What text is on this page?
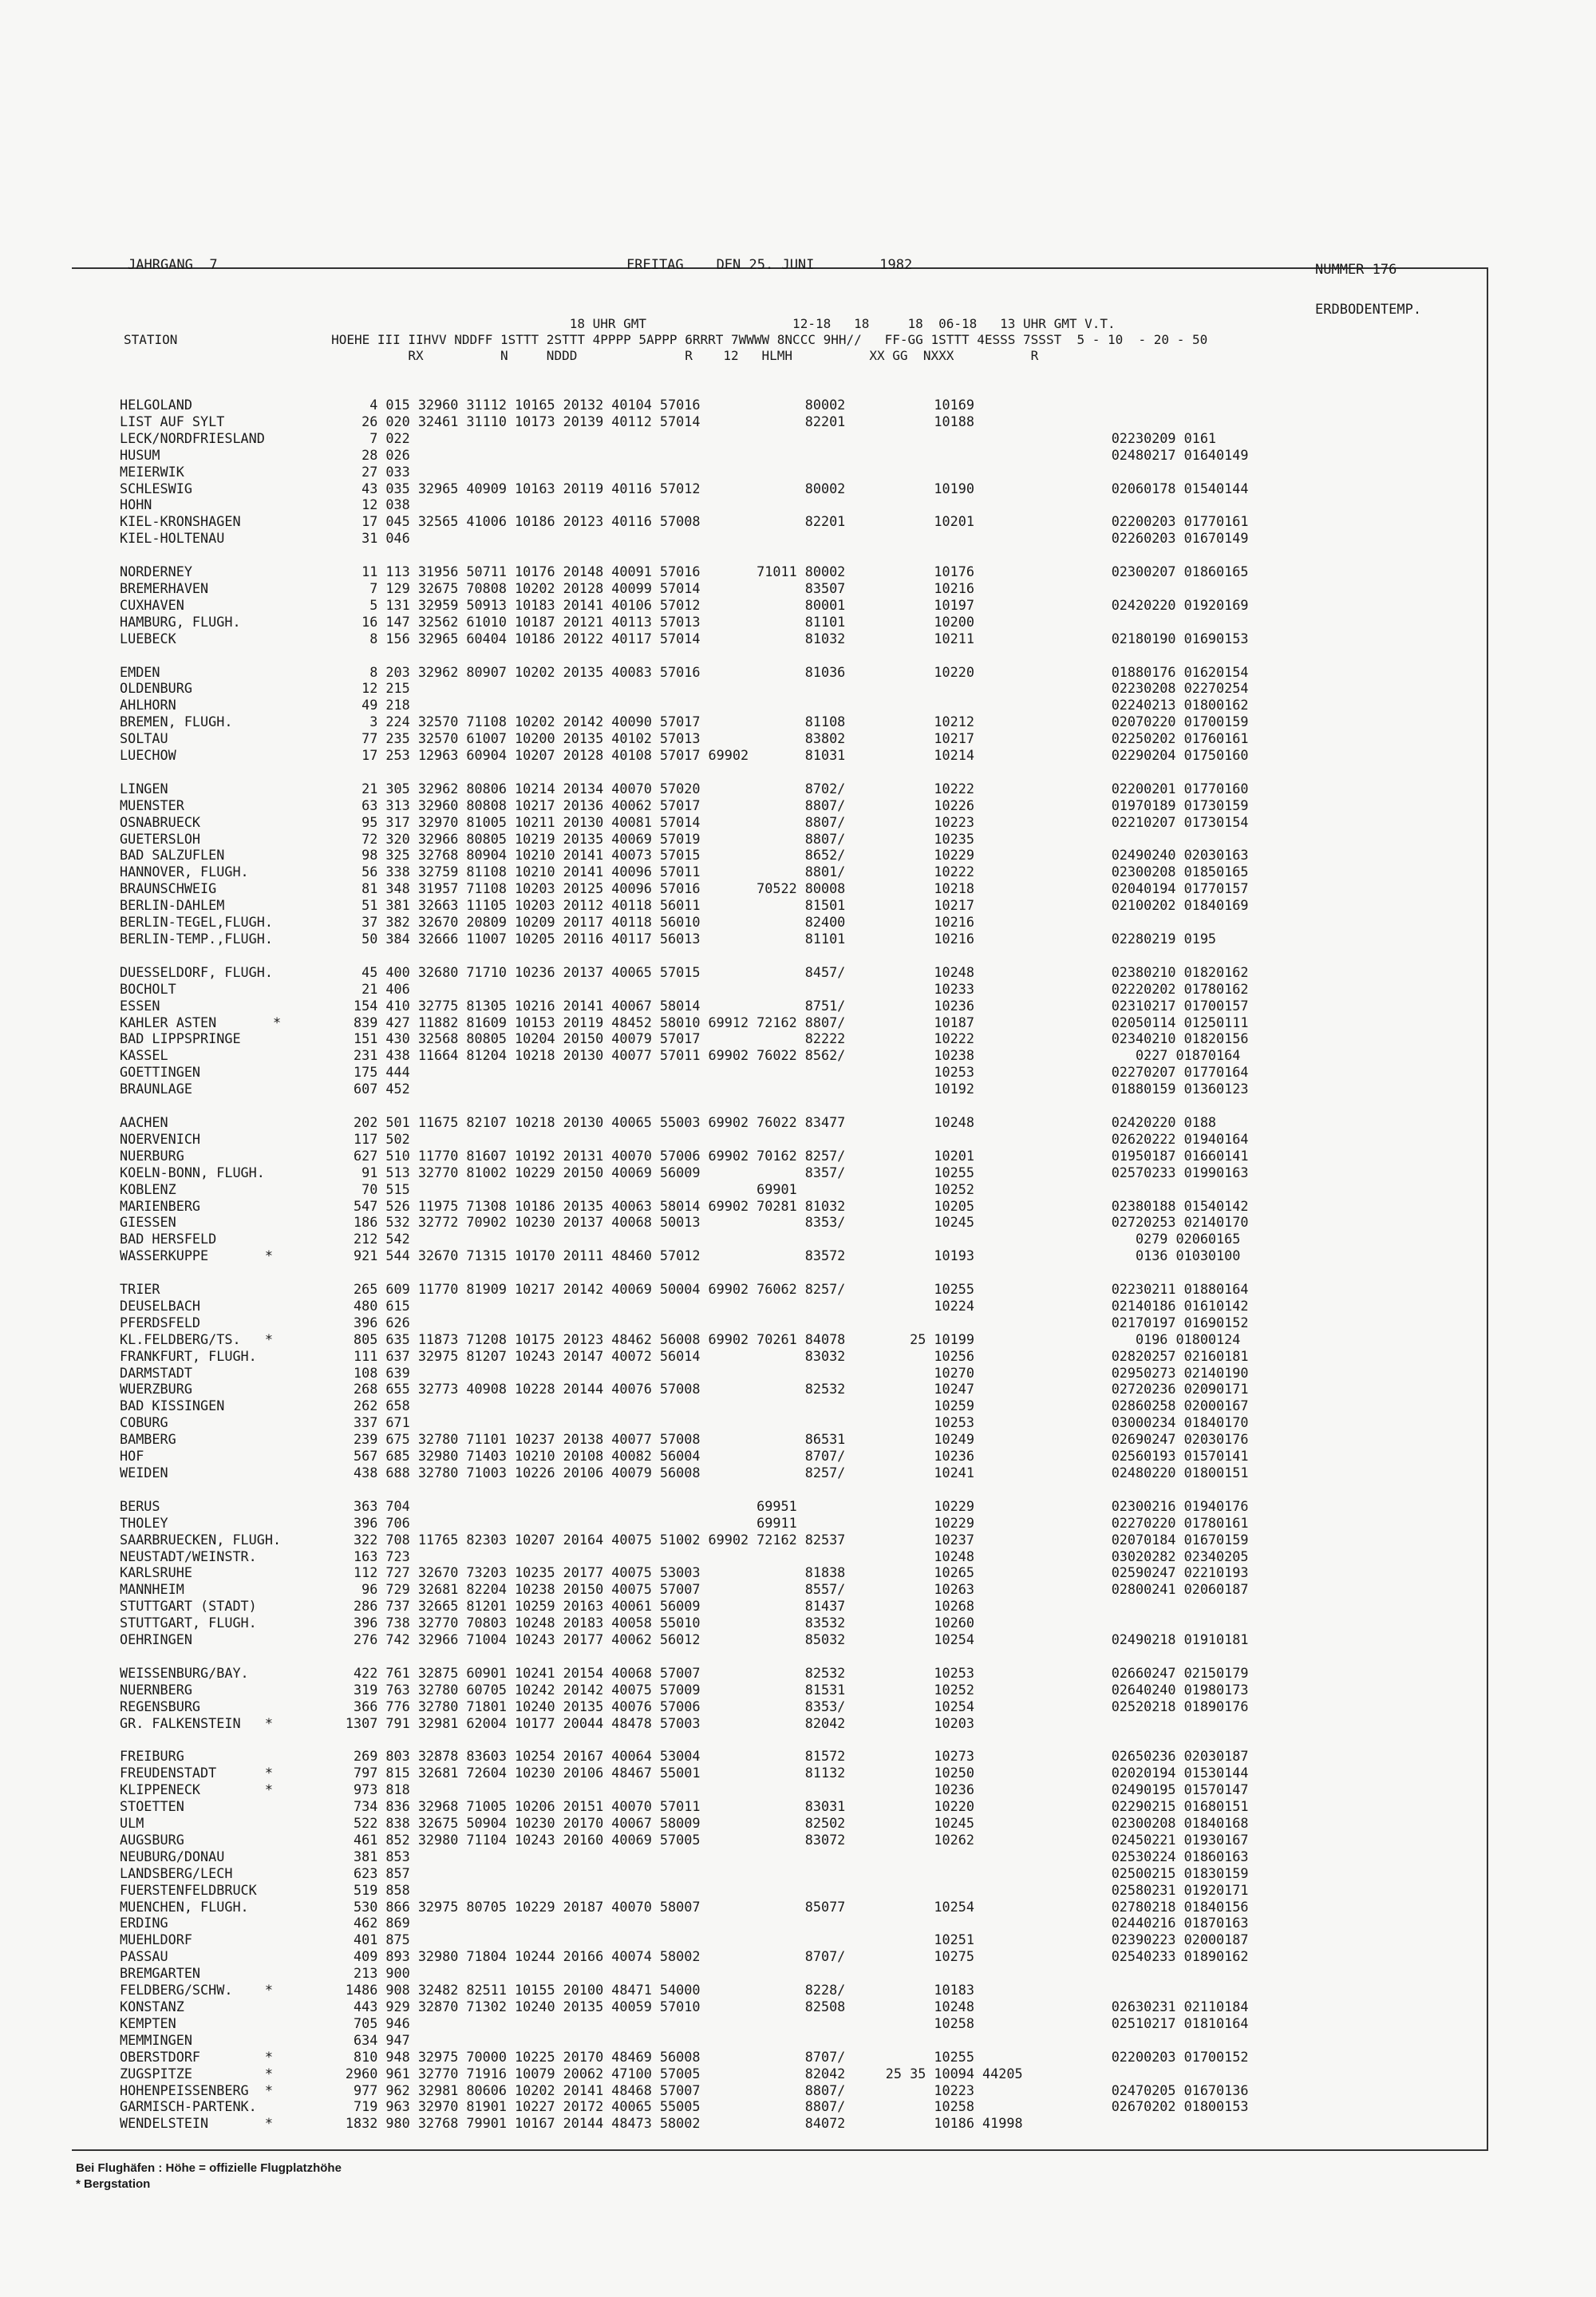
JAHRGANG  7	FREITAG    DEN 25. JUNI        1982	NUMMER 176
ERDBODENTEMP.
18 UHR GMT                   12-18   18     18  06-18   13 UHR GMT V.T.
STATION                    HOEHE III IIHVV NDDFF 1STTT 2STTT 4PPPP 5APPP 6RRRT 7WWWW 8NCCC 9HH//   FF-GG 1STTT 4ESSS 7SSST  5 - 10  - 20 - 50
RX          N     NDDD              R    12   HLMH          XX GG  NXXX          R
HELGOLAND                      4 015 32960 31112 10165 20132 40104 57016             80002           10169
LIST AUF SYLT                 26 020 32461 31110 10173 20139 40112 57014             82201           10188
LECK/NORDFRIESLAND             7 022                                                                                       02230209 0161
HUSUM                         28 026                                                                                       02480217 01640149
MEIERWIK                      27 033
SCHLESWIG                     43 035 32965 40909 10163 20119 40116 57012             80002           10190                 02060178 01540144
HOHN                          12 038
KIEL-KRONSHAGEN               17 045 32565 41006 10186 20123 40116 57008             82201           10201                 02200203 01770161
KIEL-HOLTENAU                 31 046                                                                                       02260203 01670149

NORDERNEY                     11 113 31956 50711 10176 20148 40091 57016       71011 80002           10176                 02300207 01860165
BREMERHAVEN                    7 129 32675 70808 10202 20128 40099 57014             83507           10216
CUXHAVEN                       5 131 32959 50913 10183 20141 40106 57012             80001           10197                 02420220 01920169
HAMBURG, FLUGH.               16 147 32562 61010 10187 20121 40113 57013             81101           10200
LUEBECK                        8 156 32965 60404 10186 20122 40117 57014             81032           10211                 02180190 01690153

EMDEN                          8 203 32962 80907 10202 20135 40083 57016             81036           10220                 01880176 01620154
OLDENBURG                     12 215                                                                                       02230208 02270254
AHLHORN                       49 218                                                                                       02240213 01800162
BREMEN, FLUGH.                 3 224 32570 71108 10202 20142 40090 57017             81108           10212                 02070220 01700159
SOLTAU                        77 235 32570 61007 10200 20135 40102 57013             83802           10217                 02250202 01760161
LUECHOW                       17 253 12963 60904 10207 20128 40108 57017 69902       81031           10214                 02290204 01750160

LINGEN                        21 305 32962 80806 10214 20134 40070 57020             8702/           10222                 02200201 01770160
MUENSTER                      63 313 32960 80808 10217 20136 40062 57017             8807/           10226                 01970189 01730159
OSNABRUECK                    95 317 32970 81005 10211 20130 40081 57014             8807/           10223                 02210207 01730154
GUETERSLOH                    72 320 32966 80805 10219 20135 40069 57019             8807/           10235
BAD SALZUFLEN                 98 325 32768 80904 10210 20141 40073 57015             8652/           10229                 02490240 02030163
HANNOVER, FLUGH.              56 338 32759 81108 10210 20141 40096 57011             8801/           10222                 02300208 01850165
BRAUNSCHWEIG                  81 348 31957 71108 10203 20125 40096 57016       70522 80008           10218                 02040194 01770157
BERLIN-DAHLEM                 51 381 32663 11105 10203 20112 40118 56011             81501           10217                 02100202 01840169
BERLIN-TEGEL,FLUGH.           37 382 32670 20809 10209 20117 40118 56010             82400           10216
BERLIN-TEMP.,FLUGH.           50 384 32666 11007 10205 20116 40117 56013             81101           10216                 02280219 0195

DUESSELDORF, FLUGH.           45 400 32680 71710 10236 20137 40065 57015             8457/           10248                 02380210 01820162
BOCHOLT                       21 406                                                                 10233                 02220202 01780162
ESSEN                        154 410 32775 81305 10216 20141 40067 58014             8751/           10236                 02310217 01700157
KAHLER ASTEN       *         839 427 11882 81609 10153 20119 48452 58010 69912 72162 8807/           10187                 02050114 01250111
BAD LIPPSPRINGE              151 430 32568 80805 10204 20150 40079 57017             82222           10222                 02340210 01820156
KASSEL                       231 438 11664 81204 10218 20130 40077 57011 69902 76022 8562/           10238                    0227 01870164
GOETTINGEN                   175 444                                                                 10253                 02270207 01770164
BRAUNLAGE                    607 452                                                                 10192                 01880159 01360123

AACHEN                       202 501 11675 82107 10218 20130 40065 55003 69902 76022 83477           10248                 02420220 0188
NOERVENICH                   117 502                                                                                       02620222 01940164
NUERBURG                     627 510 11770 81607 10192 20131 40070 57006 69902 70162 8257/           10201                 01950187 01660141
KOELN-BONN, FLUGH.            91 513 32770 81002 10229 20150 40069 56009             8357/           10255                 02570233 01990163
KOBLENZ                       70 515                                           69901                 10252
MARIENBERG                   547 526 11975 71308 10186 20135 40063 58014 69902 70281 81032           10205                 02380188 01540142
GIESSEN                      186 532 32772 70902 10230 20137 40068 50013             8353/           10245                 02720253 02140170
BAD HERSFELD                 212 542                                                                                          0279 02060165
WASSERKUPPE       *          921 544 32670 71315 10170 20111 48460 57012             83572           10193                    0136 01030100

TRIER                        265 609 11770 81909 10217 20142 40069 50004 69902 76062 8257/           10255                 02230211 01880164
DEUSELBACH                   480 615                                                                 10224                 02140186 01610142
PFERDSFELD                   396 626                                                                                       02170197 01690152
KL.FELDBERG/TS.   *          805 635 11873 71208 10175 20123 48462 56008 69902 70261 84078        25 10199                    0196 01800124
FRANKFURT, FLUGH.            111 637 32975 81207 10243 20147 40072 56014             83032           10256                 02820257 02160181
DARMSTADT                    108 639                                                                 10270                 02950273 02140190
WUERZBURG                    268 655 32773 40908 10228 20144 40076 57008             82532           10247                 02720236 02090171
BAD KISSINGEN                262 658                                                                 10259                 02860258 02000167
COBURG                       337 671                                                                 10253                 03000234 01840170
BAMBERG                      239 675 32780 71101 10237 20138 40077 57008             86531           10249                 02690247 02030176
HOF                          567 685 32980 71403 10210 20108 40082 56004             8707/           10236                 02560193 01570141
WEIDEN                       438 688 32780 71003 10226 20106 40079 56008             8257/           10241                 02480220 01800151

BERUS                        363 704                                           69951                 10229                 02300216 01940176
THOLEY                       396 706                                           69911                 10229                 02270220 01780161
SAARBRUECKEN, FLUGH.         322 708 11765 82303 10207 20164 40075 51002 69902 72162 82537           10237                 02070184 01670159
NEUSTADT/WEINSTR.            163 723                                                                 10248                 03020282 02340205
KARLSRUHE                    112 727 32670 73203 10235 20177 40075 53003             81838           10265                 02590247 02210193
MANNHEIM                      96 729 32681 82204 10238 20150 40075 57007             8557/           10263                 02800241 02060187
STUTTGART (STADT)            286 737 32665 81201 10259 20163 40061 56009             81437           10268
STUTTGART, FLUGH.            396 738 32770 70803 10248 20183 40058 55010             83532           10260
OEHRINGEN                    276 742 32966 71004 10243 20177 40062 56012             85032           10254                 02490218 01910181

WEISSENBURG/BAY.             422 761 32875 60901 10241 20154 40068 57007             82532           10253                 02660247 02150179
NUERNBERG                    319 763 32780 60705 10242 20142 40075 57009             81531           10252                 02640240 01980173
REGENSBURG                   366 776 32780 71801 10240 20135 40076 57006             8353/           10254                 02520218 01890176
GR. FALKENSTEIN   *         1307 791 32981 62004 10177 20044 48478 57003             82042           10203

FREIBURG                     269 803 32878 83603 10254 20167 40064 53004             81572           10273                 02650236 02030187
FREUDENSTADT      *          797 815 32681 72604 10230 20106 48467 55001             81132           10250                 02020194 01530144
KLIPPENECK        *          973 818                                                                 10236                 02490195 01570147
STOETTEN                     734 836 32968 71005 10206 20151 40070 57011             83031           10220                 02290215 01680151
ULM                          522 838 32675 50904 10230 20170 40067 58009             82502           10245                 02300208 01840168
AUGSBURG                     461 852 32980 71104 10243 20160 40069 57005             83072           10262                 02450221 01930167
NEUBURG/DONAU                381 853                                                                                       02530224 01860163
LANDSBERG/LECH               623 857                                                                                       02500215 01830159
FUERSTENFELDBRUCK            519 858                                                                                       02580231 01920171
MUENCHEN, FLUGH.             530 866 32975 80705 10229 20187 40070 58007             85077           10254                 02780218 01840156
ERDING                       462 869                                                                                       02440216 01870163
MUEHLDORF                    401 875                                                                 10251                 02390223 02000187
PASSAU                       409 893 32980 71804 10244 20166 40074 58002             8707/           10275                 02540233 01890162
BREMGARTEN                   213 900
FELDBERG/SCHW.    *         1486 908 32482 82511 10155 20100 48471 54000             8228/           10183
KONSTANZ                     443 929 32870 71302 10240 20135 40059 57010             82508           10248                 02630231 02110184
KEMPTEN                      705 946                                                                 10258                 02510217 01810164
MEMMINGEN                    634 947
OBERSTDORF        *          810 948 32975 70000 10225 20170 48469 56008             8707/           10255                 02200203 01700152
ZUGSPITZE         *         2960 961 32770 71916 10079 20062 47100 57005             82042     25 35 10094 44205
HOHENPEISSENBERG  *          977 962 32981 80606 10202 20141 48468 57007             8807/           10223                 02470205 01670136
GARMISCH-PARTENK.            719 963 32970 81901 10227 20172 40065 55005             8807/           10258                 02670202 01800153
WENDELSTEIN       *         1832 980 32768 79901 10167 20144 48473 58002             84072           10186 41998
Bei Flughäfen : Höhe = offizielle Flugplatzhöhe
* Bergstation
